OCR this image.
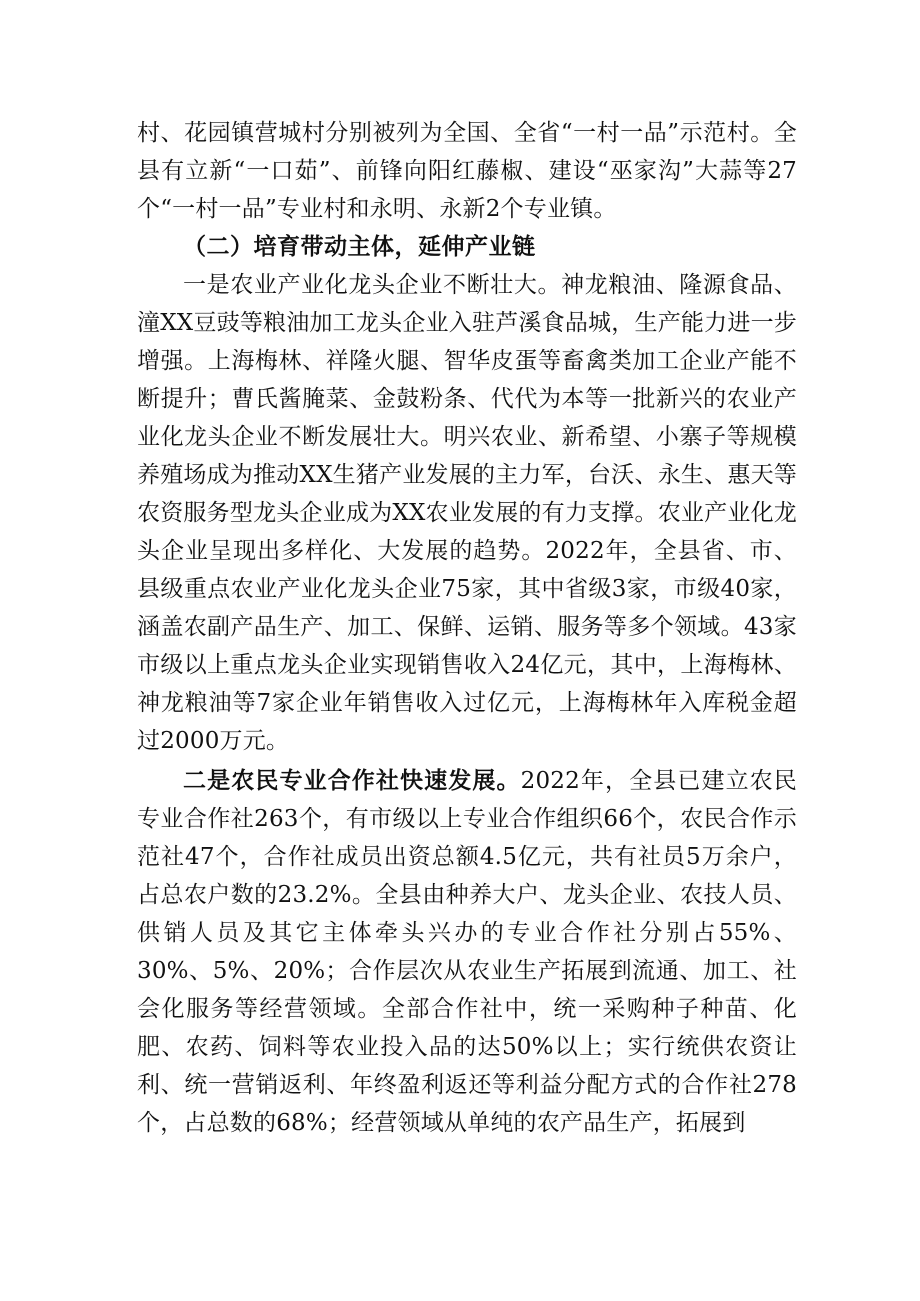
村、花园镇营城村分别被列为全国、全省“一村一品”示范村。全县有立新“一口茹”、前锋向阳红藤椒、建设“巫家沟”大蒜等27个“一村一品”专业村和永明、永新2个专业镇。

（二）培育带动主体，延伸产业链

一是农业产业化龙头企业不断壮大。神龙粮油、隆源食品、潼XX豆豉等粮油加工龙头企业入驻芦溪食品城，生产能力进一步增强。上海梅林、祥隆火腿、智华皮蛋等畜禽类加工企业产能不断提升；曹氏酱腌菜、金鼓粉条、代代为本等一批新兴的农业产业化龙头企业不断发展壮大。明兴农业、新希望、小寨子等规模养殖场成为推动XX生猪产业发展的主力军，台沃、永生、惠天等农资服务型龙头企业成为XX农业发展的有力支撑。农业产业化龙头企业呈现出多样化、大发展的趋势。2022年，全县省、市、县级重点农业产业化龙头企业75家，其中省级3家，市级40家，涵盖农副产品生产、加工、保鲜、运销、服务等多个领域。43家市级以上重点龙头企业实现销售收入24亿元，其中，上海梅林、神龙粮油等7家企业年销售收入过亿元，上海梅林年入库税金超过2000万元。

二是农民专业合作社快速发展。2022年，全县已建立农民专业合作社263个，有市级以上专业合作组织66个，农民合作示范社47个，合作社成员出资总额4.5亿元，共有社员5万余户，占总农户数的23.2%。全县由种养大户、龙头企业、农技人员、供销人员及其它主体牵头兴办的专业合作社分别占55%、30%、5%、20%；合作层次从农业生产拓展到流通、加工、社会化服务等经营领域。全部合作社中，统一采购种子种苗、化肥、农药、饲料等农业投入品的达50%以上；实行统供农资让利、统一营销返利、年终盈利返还等利益分配方式的合作社278个，占总数的68%；经营领域从单纯的农产品生产，拓展到
